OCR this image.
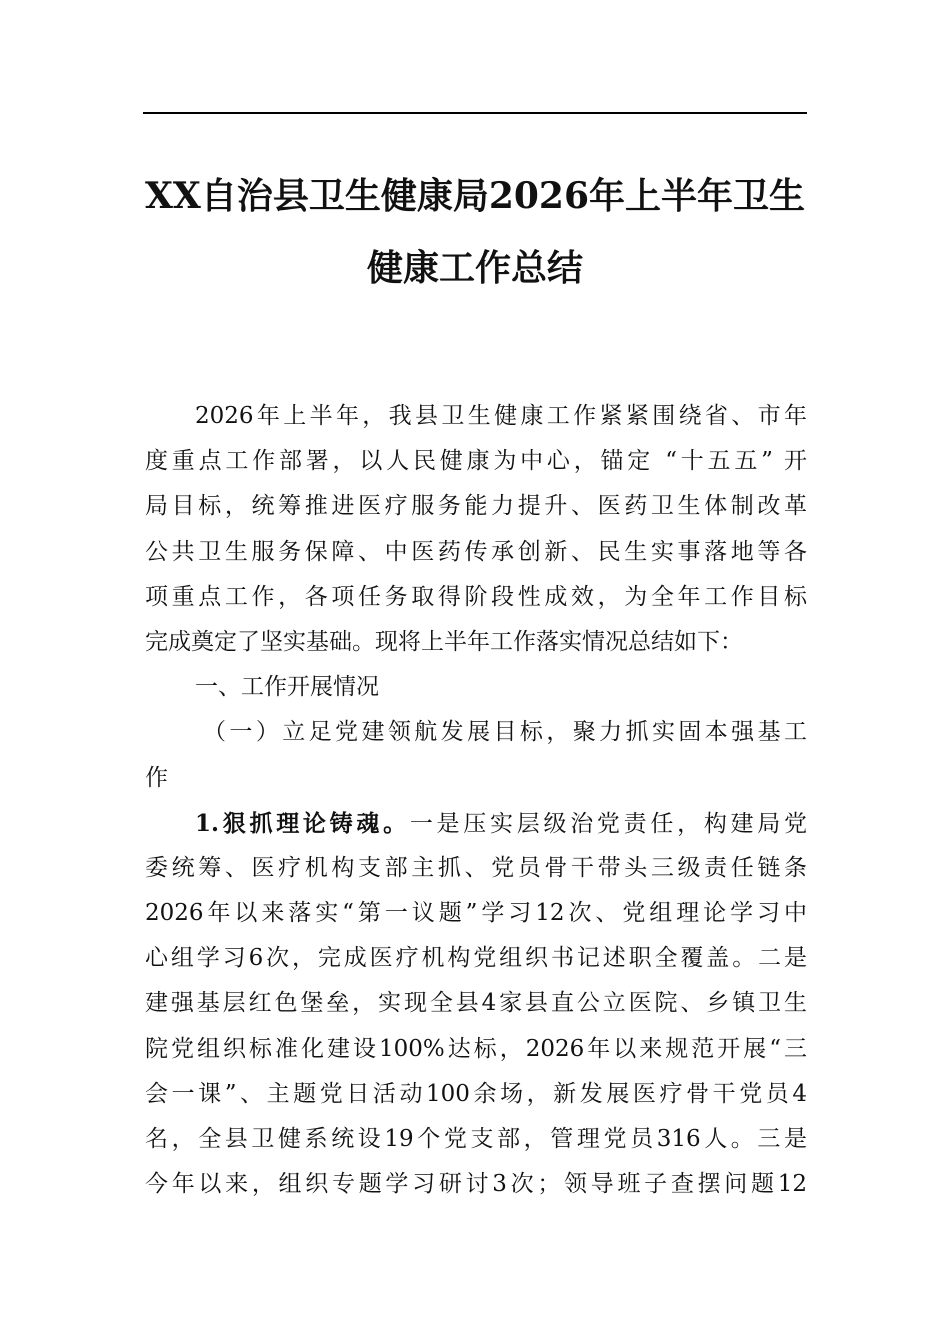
XX自治县卫生健康局2026年上半年卫生
健康工作总结
2026年上半年，我县卫生健康工作紧紧围绕省、市年
度重点工作部署，以人民健康为中心，锚定 “十五五” 开
局目标，统筹推进医疗服务能力提升、医药卫生体制改革
公共卫生服务保障、中医药传承创新、民生实事落地等各
项重点工作，各项任务取得阶段性成效，为全年工作目标
完成奠定了坚实基础。现将上半年工作落实情况总结如下：
一、工作开展情况
（一）立足党建领航发展目标，聚力抓实固本强基工
作
1.狠抓理论铸魂。一是压实层级治党责任，构建局党
委统筹、医疗机构支部主抓、党员骨干带头三级责任链条
2026年以来落实“第一议题”学习12次、党组理论学习中
心组学习6次，完成医疗机构党组织书记述职全覆盖。二是
建强基层红色堡垒，实现全县4家县直公立医院、乡镇卫生
院党组织标准化建设100%达标，2026年以来规范开展“三
会一课”、主题党日活动100余场，新发展医疗骨干党员4
名，全县卫健系统设19个党支部，管理党员316人。三是
今年以来，组织专题学习研讨3次；领导班子查摆问题12
